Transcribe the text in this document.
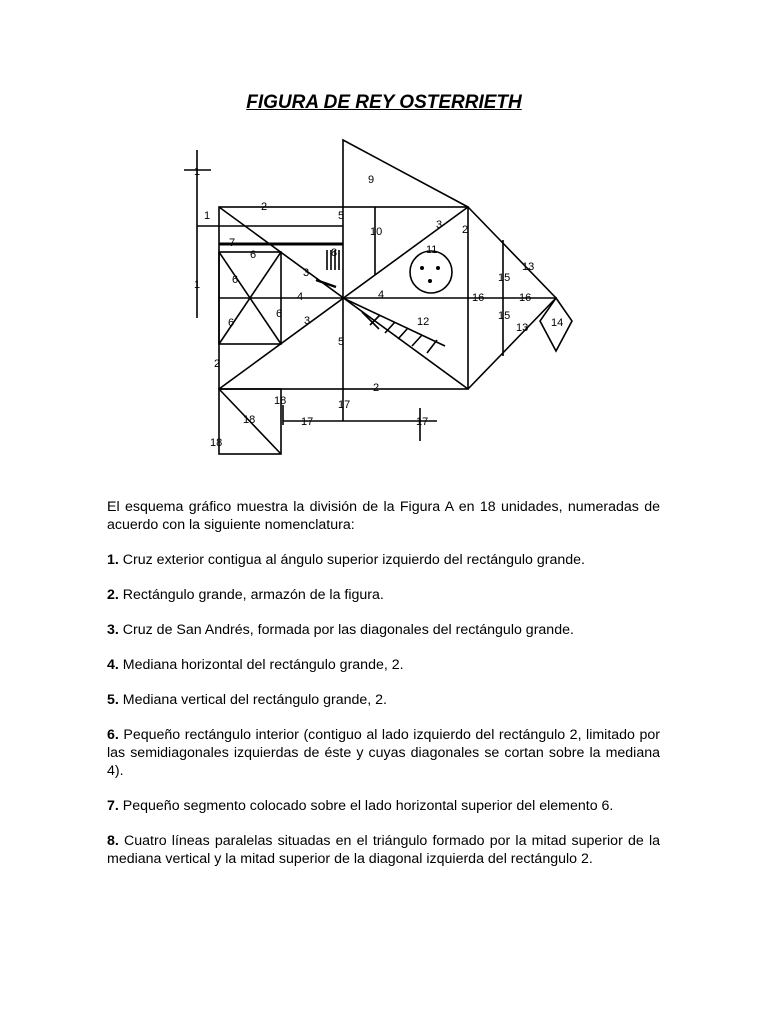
FIGURA DE REY OSTERRIETH
1
1
1
2
2
2
2
3
3
3
4	4
5
5
6
6
6
6
7
8
9
10
11
12
13
13 14
15
15
16	16
17
17	17
18
18
18

El esquema gráfico muestra la división de la Figura A en 18 unidades, numeradas de acuerdo con la siguiente nomenclatura:

1. Cruz exterior contigua al ángulo superior izquierdo del rectángulo grande.

2. Rectángulo grande, armazón de la figura.

3. Cruz de San Andrés, formada por las diagonales del rectángulo grande.

4. Mediana horizontal del rectángulo grande, 2.

5. Mediana vertical del rectángulo grande, 2.

6. Pequeño rectángulo interior (contiguo al lado izquierdo del rectángulo 2, limitado por las semidiagonales izquierdas de éste y cuyas diagonales se cortan sobre la mediana 4).

7. Pequeño segmento colocado sobre el lado horizontal superior del elemento 6.

8. Cuatro líneas paralelas situadas en el triángulo formado por la mitad superior de la mediana vertical y la mitad superior de la diagonal izquierda del rectángulo 2.
